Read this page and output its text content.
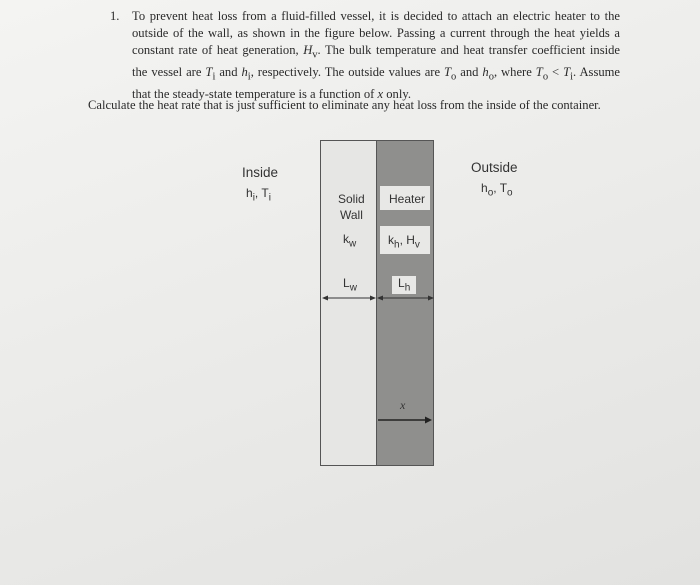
1. To prevent heat loss from a fluid-filled vessel, it is decided to attach an electric heater to the outside of the wall, as shown in the figure below. Passing a current through the heat yields a constant rate of heat generation, $H_v$. The bulk temperature and heat transfer coefficient inside the vessel are $T_i$ and $h_i$, respectively. The outside values are $T_o$ and $h_o$, where $T_o < T_i$. Assume that the steady-state temperature is a function of x only.
Calculate the heat rate that is just sufficient to eliminate any heat loss from the inside of the container.
Inside
$h_i$, $T_i$
Outside
$h_o$, $T_o$
Solid
Wall
$k_w$
$L_w$
Heater
$k_h$, $H_v$
$L_h$
x
